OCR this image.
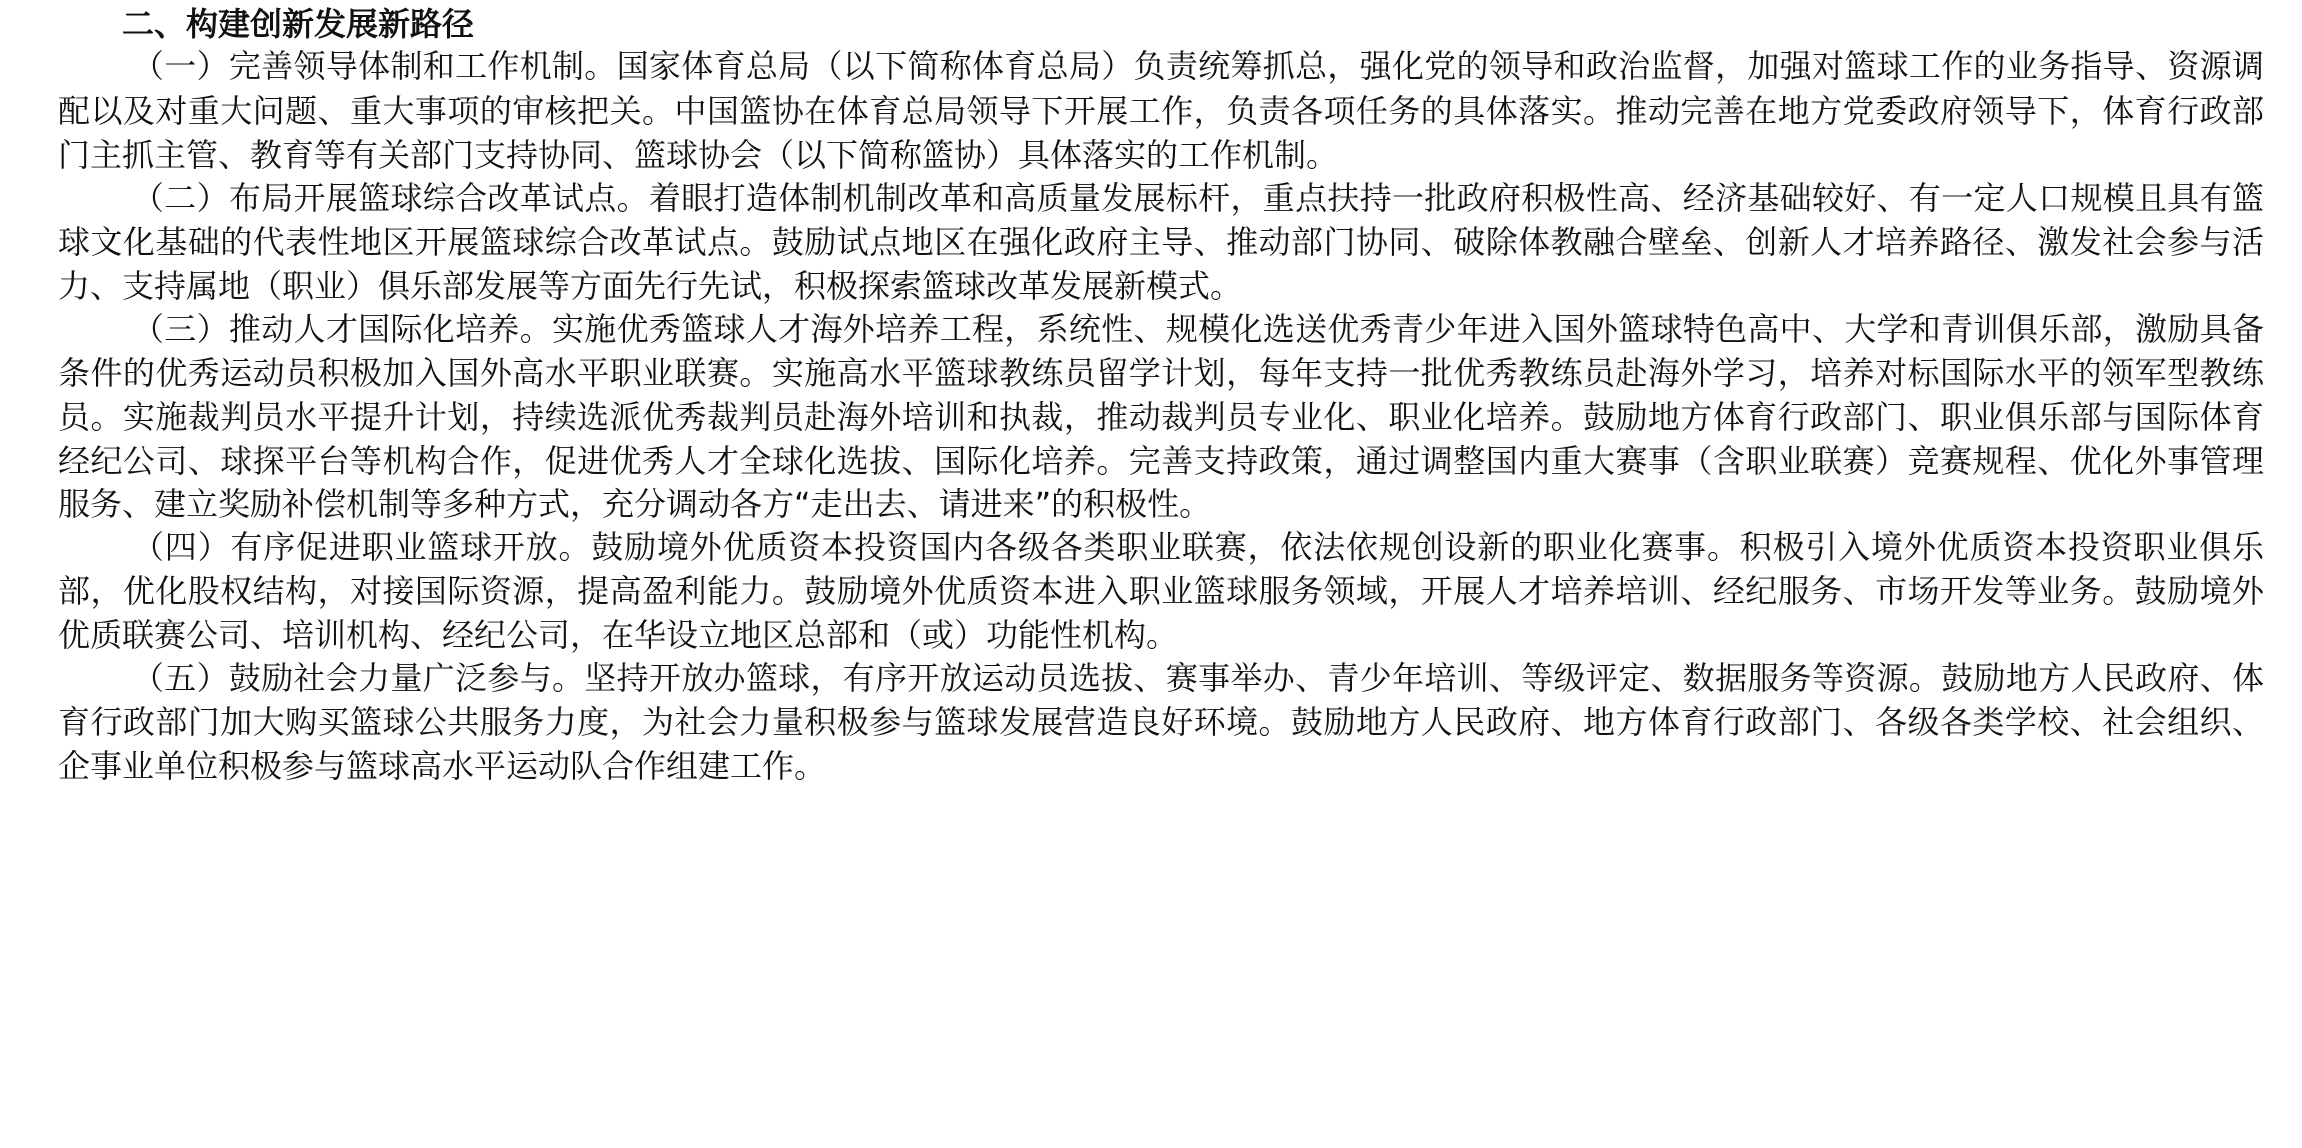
二、构建创新发展新路径
（一）完善领导体制和工作机制。国家体育总局（以下简称体育总局）负责统筹抓总，强化党的领导和政治监督，加强对篮球工作的业务指导、资源调
配以及对重大问题、重大事项的审核把关。中国篮协在体育总局领导下开展工作，负责各项任务的具体落实。推动完善在地方党委政府领导下，体育行政部
门主抓主管、教育等有关部门支持协同、篮球协会（以下简称篮协）具体落实的工作机制。
（二）布局开展篮球综合改革试点。着眼打造体制机制改革和高质量发展标杆，重点扶持一批政府积极性高、经济基础较好、有一定人口规模且具有篮
球文化基础的代表性地区开展篮球综合改革试点。鼓励试点地区在强化政府主导、推动部门协同、破除体教融合壁垒、创新人才培养路径、激发社会参与活
力、支持属地（职业）俱乐部发展等方面先行先试，积极探索篮球改革发展新模式。
（三）推动人才国际化培养。实施优秀篮球人才海外培养工程，系统性、规模化选送优秀青少年进入国外篮球特色高中、大学和青训俱乐部，激励具备
条件的优秀运动员积极加入国外高水平职业联赛。实施高水平篮球教练员留学计划，每年支持一批优秀教练员赴海外学习，培养对标国际水平的领军型教练
员。实施裁判员水平提升计划，持续选派优秀裁判员赴海外培训和执裁，推动裁判员专业化、职业化培养。鼓励地方体育行政部门、职业俱乐部与国际体育
经纪公司、球探平台等机构合作，促进优秀人才全球化选拔、国际化培养。完善支持政策，通过调整国内重大赛事（含职业联赛）竞赛规程、优化外事管理
服务、建立奖励补偿机制等多种方式，充分调动各方“走出去、请进来”的积极性。
（四）有序促进职业篮球开放。鼓励境外优质资本投资国内各级各类职业联赛，依法依规创设新的职业化赛事。积极引入境外优质资本投资职业俱乐
部，优化股权结构，对接国际资源，提高盈利能力。鼓励境外优质资本进入职业篮球服务领域，开展人才培养培训、经纪服务、市场开发等业务。鼓励境外
优质联赛公司、培训机构、经纪公司，在华设立地区总部和（或）功能性机构。
（五）鼓励社会力量广泛参与。坚持开放办篮球，有序开放运动员选拔、赛事举办、青少年培训、等级评定、数据服务等资源。鼓励地方人民政府、体
育行政部门加大购买篮球公共服务力度，为社会力量积极参与篮球发展营造良好环境。鼓励地方人民政府、地方体育行政部门、各级各类学校、社会组织、
企事业单位积极参与篮球高水平运动队合作组建工作。
